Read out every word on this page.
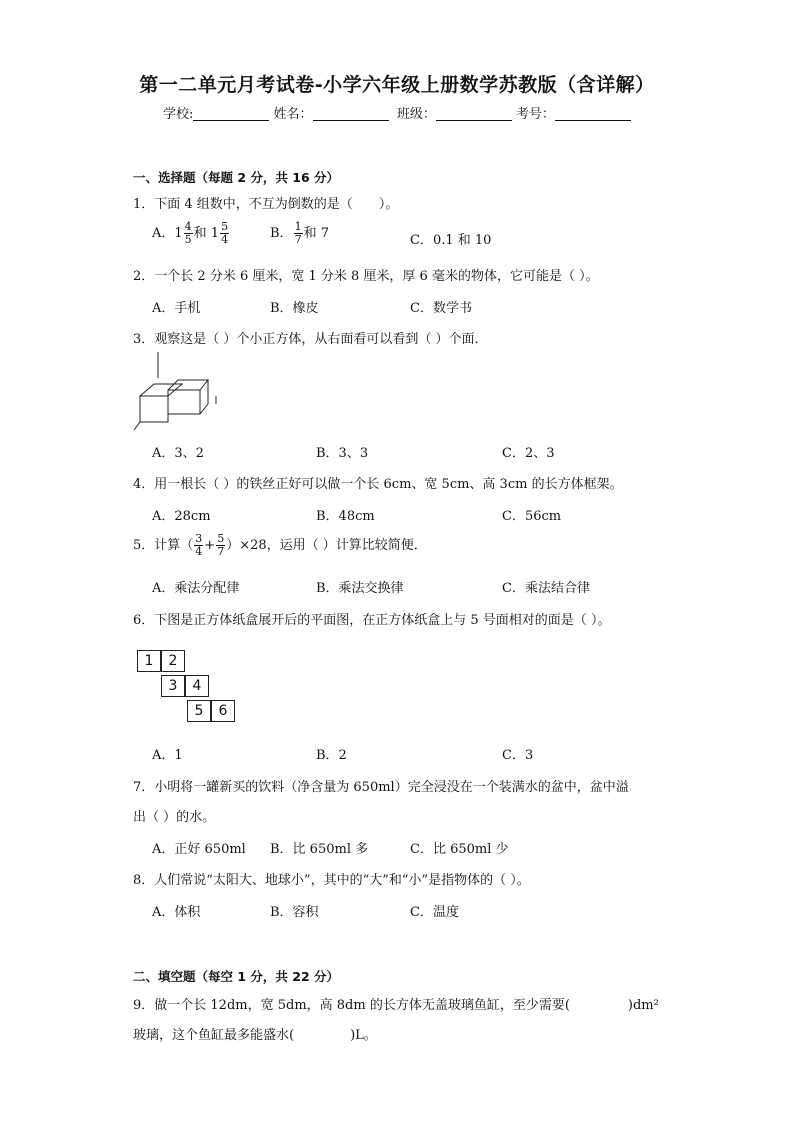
第一二单元月考试卷-小学六年级上册数学苏教版（含详解）
学校:	姓名：	班级：	考号：
一、选择题（每题 2 分，共 16 分）
1．下面 4 组数中，不互为倒数的是（ ）。
A．$1 \frac{4}{5}$ 和 $1 \frac{5}{4}$	B． $\frac{1}{7}$ 和 7	C．0.1 和 10
2．一个长 2 分米 6 厘米，宽 1 分米 8 厘米，厚 6 毫米的物体，它可能是（ ）。
A．手机	B．橡皮	C．数学书
3．观察这是（ ）个小正方体，从右面看可以看到（ ）个面．
A．3、2	B．3、3	C．2、3
4．用一根长（ ）的铁丝正好可以做一个长 6cm、宽 5cm、高 3cm 的长方体框架。
A．28cm	B．48cm	C．56cm
5．计算（ $\frac{3}{4} + \frac{5}{7} )\times 28$，运用（ ）计算比较简便．
A．乘法分配律	B．乘法交换律	C．乘法结合律
6．下图是正方体纸盒展开后的平面图，在正方体纸盒上与 5 号面相对的面是（ ）。
1	2
3	4
5	6
A．1	B．2	C．3
7．小明将一罐新买的饮料（净含量为 650ml）完全浸没在一个装满水的盆中，盆中溢
出（ ）的水。
A．正好 650ml B．比 650ml 多	C．比 650ml 少
8．人们常说“太阳大、地球小”，其中的“大”和“小”是指物体的（ ）。
A．体积	B．容积	C．温度
二、填空题（每空 1 分，共 22 分）
9．做一个长 12dm，宽 5dm，高 8dm 的长方体无盖玻璃鱼缸，至少需要(	)dm²
玻璃，这个鱼缸最多能盛水(	)L。
